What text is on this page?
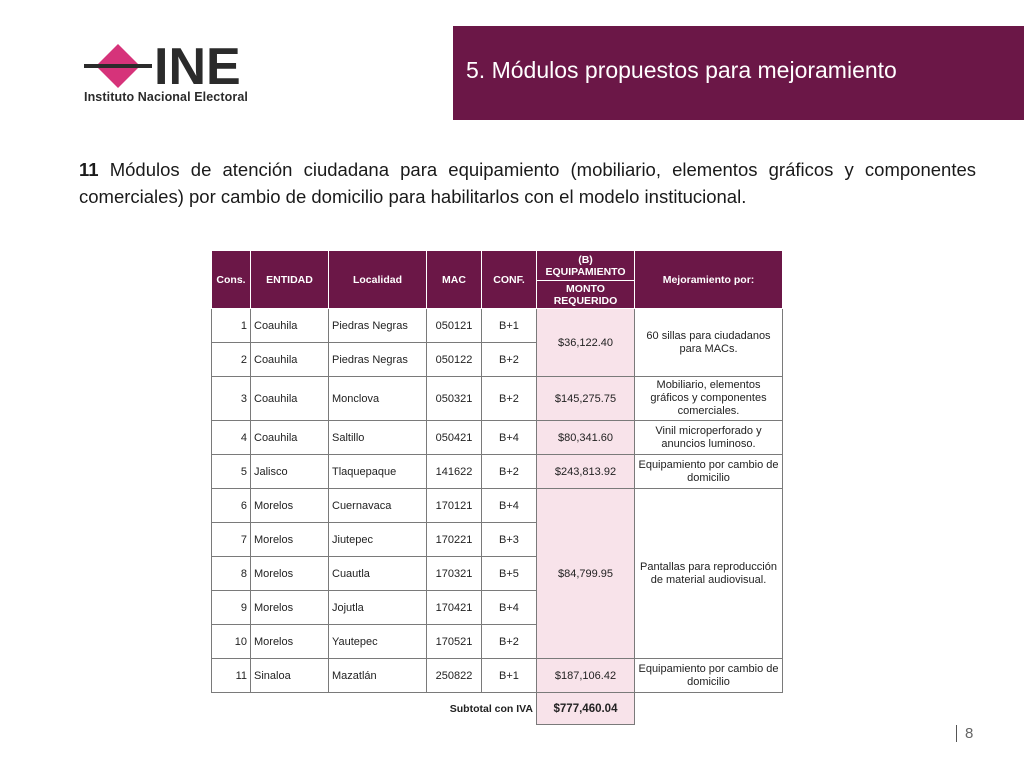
INE
Instituto Nacional Electoral
5. Módulos propuestos para mejoramiento
11 Módulos de atención ciudadana para equipamiento (mobiliario, elementos gráficos y componentes comerciales) por cambio de domicilio para habilitarlos con el modelo institucional.
Cons.	ENTIDAD	Localidad	MAC	CONF.	(B) EQUIPAMIENTO	Mejoramiento por:
					MONTO REQUERIDO	
1	Coauhila	Piedras Negras	050121	B+1	$36,122.40	60 sillas para ciudadanos para MACs.
2	Coauhila	Piedras Negras	050122	B+2		
3	Coauhila	Monclova	050321	B+2	$145,275.75	Mobiliario, elementos gráficos y componentes comerciales.
4	Coauhila	Saltillo	050421	B+4	$80,341.60	Vinil microperforado y anuncios luminoso.
5	Jalisco	Tlaquepaque	141622	B+2	$243,813.92	Equipamiento por cambio de domicilio
6	Morelos	Cuernavaca	170121	B+4	$84,799.95	Pantallas para reproducción de material audiovisual.
7	Morelos	Jiutepec	170221	B+3		
8	Morelos	Cuautla	170321	B+5		
9	Morelos	Jojutla	170421	B+4		
10	Morelos	Yautepec	170521	B+2		
11	Sinaloa	Mazatlán	250822	B+1	$187,106.42	Equipamiento por cambio de domicilio
Subtotal con IVA					$777,460.04	
8
